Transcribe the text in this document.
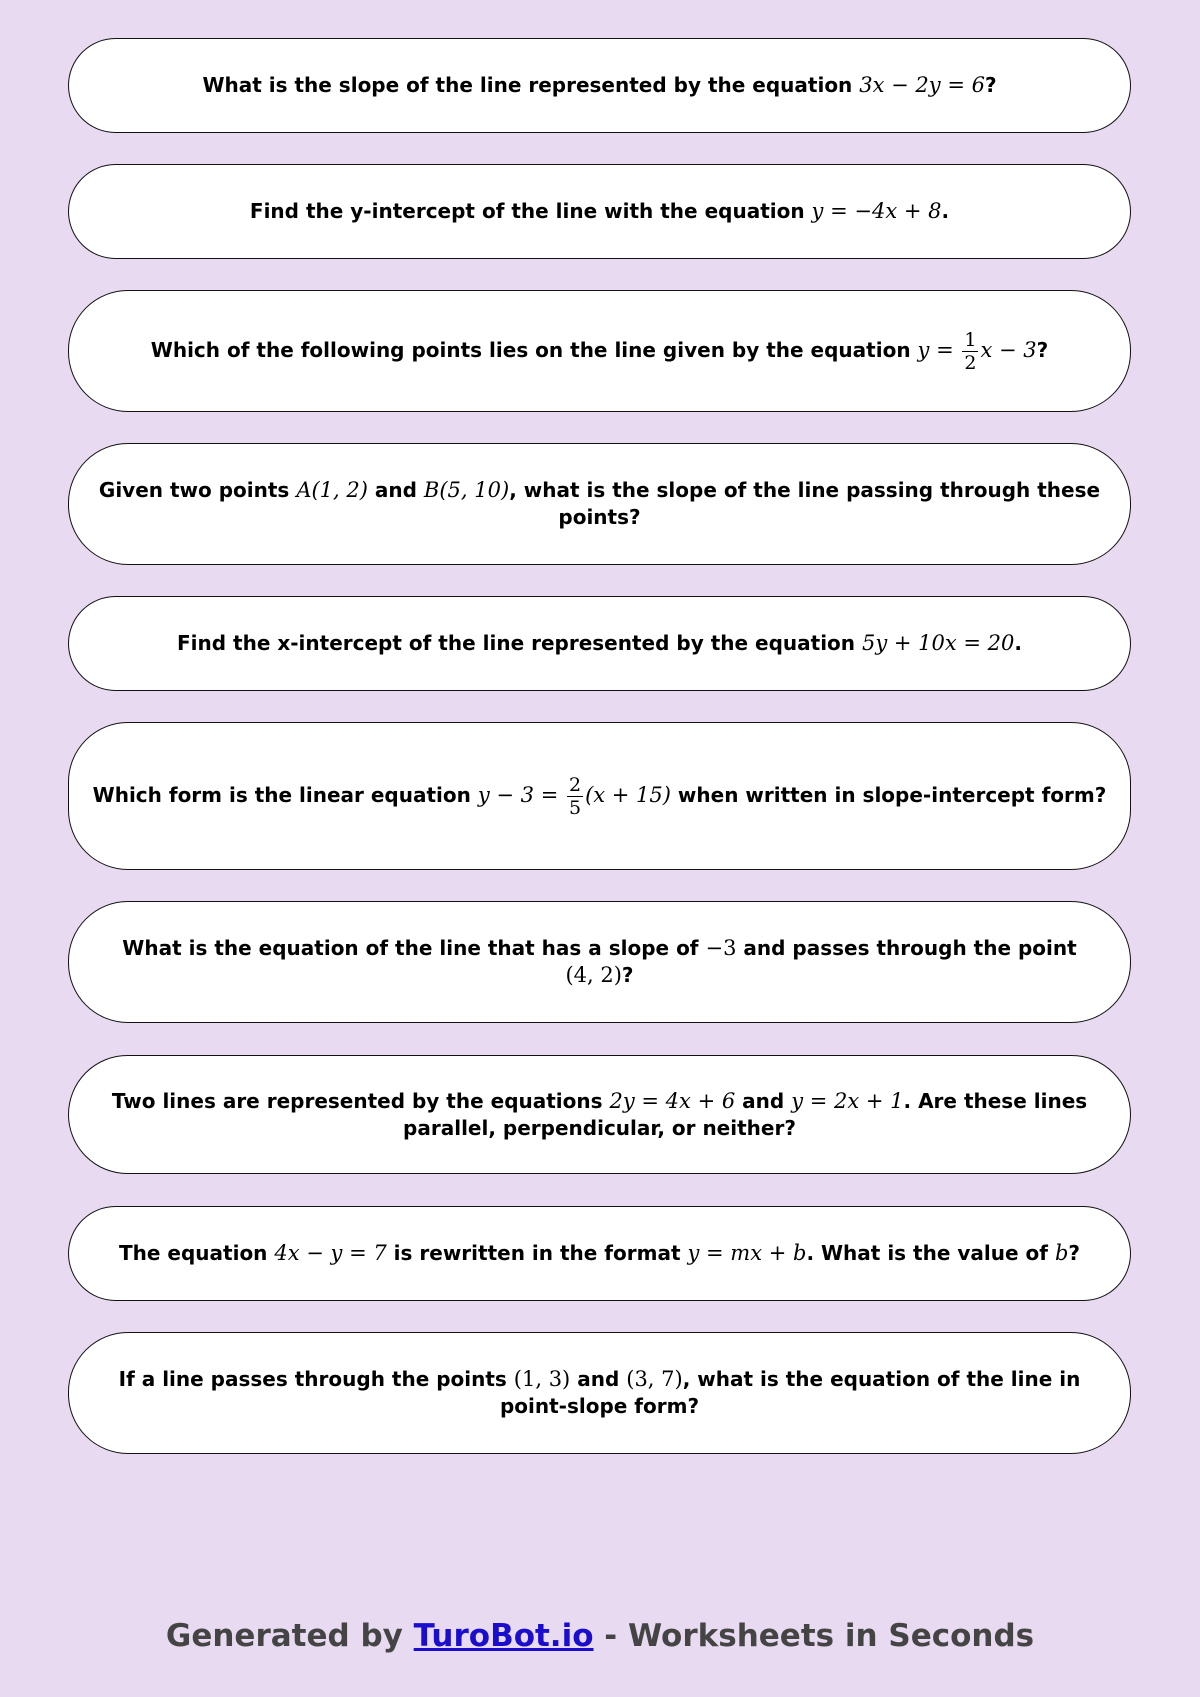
What is the slope of the line represented by the equation 3x − 2y = 6?
Find the y-intercept of the line with the equation y = −4x + 8.
Which of the following points lies on the line given by the equation $y = \frac{1}{2}$ x − 3?
Given two points A(1, 2) and B(5, 10), what is the slope of the line passing through these points?
Find the x-intercept of the line represented by the equation 5y + 10x = 20.
Which form is the linear equation $y - 3 = \frac{2}{5} (x + 15)$ when written in slope-intercept form?
What is the equation of the line that has a slope of −3 and passes through the point (4, 2)?
Two lines are represented by the equations 2y = 4x + 6 and y = 2x + 1. Are these lines parallel, perpendicular, or neither?
The equation 4x − y = 7 is rewritten in the format y = mx + b. What is the value of b?
If a line passes through the points (1, 3) and (3, 7), what is the equation of the line in point-slope form?
Generated by TuroBot.io - Worksheets in Seconds
